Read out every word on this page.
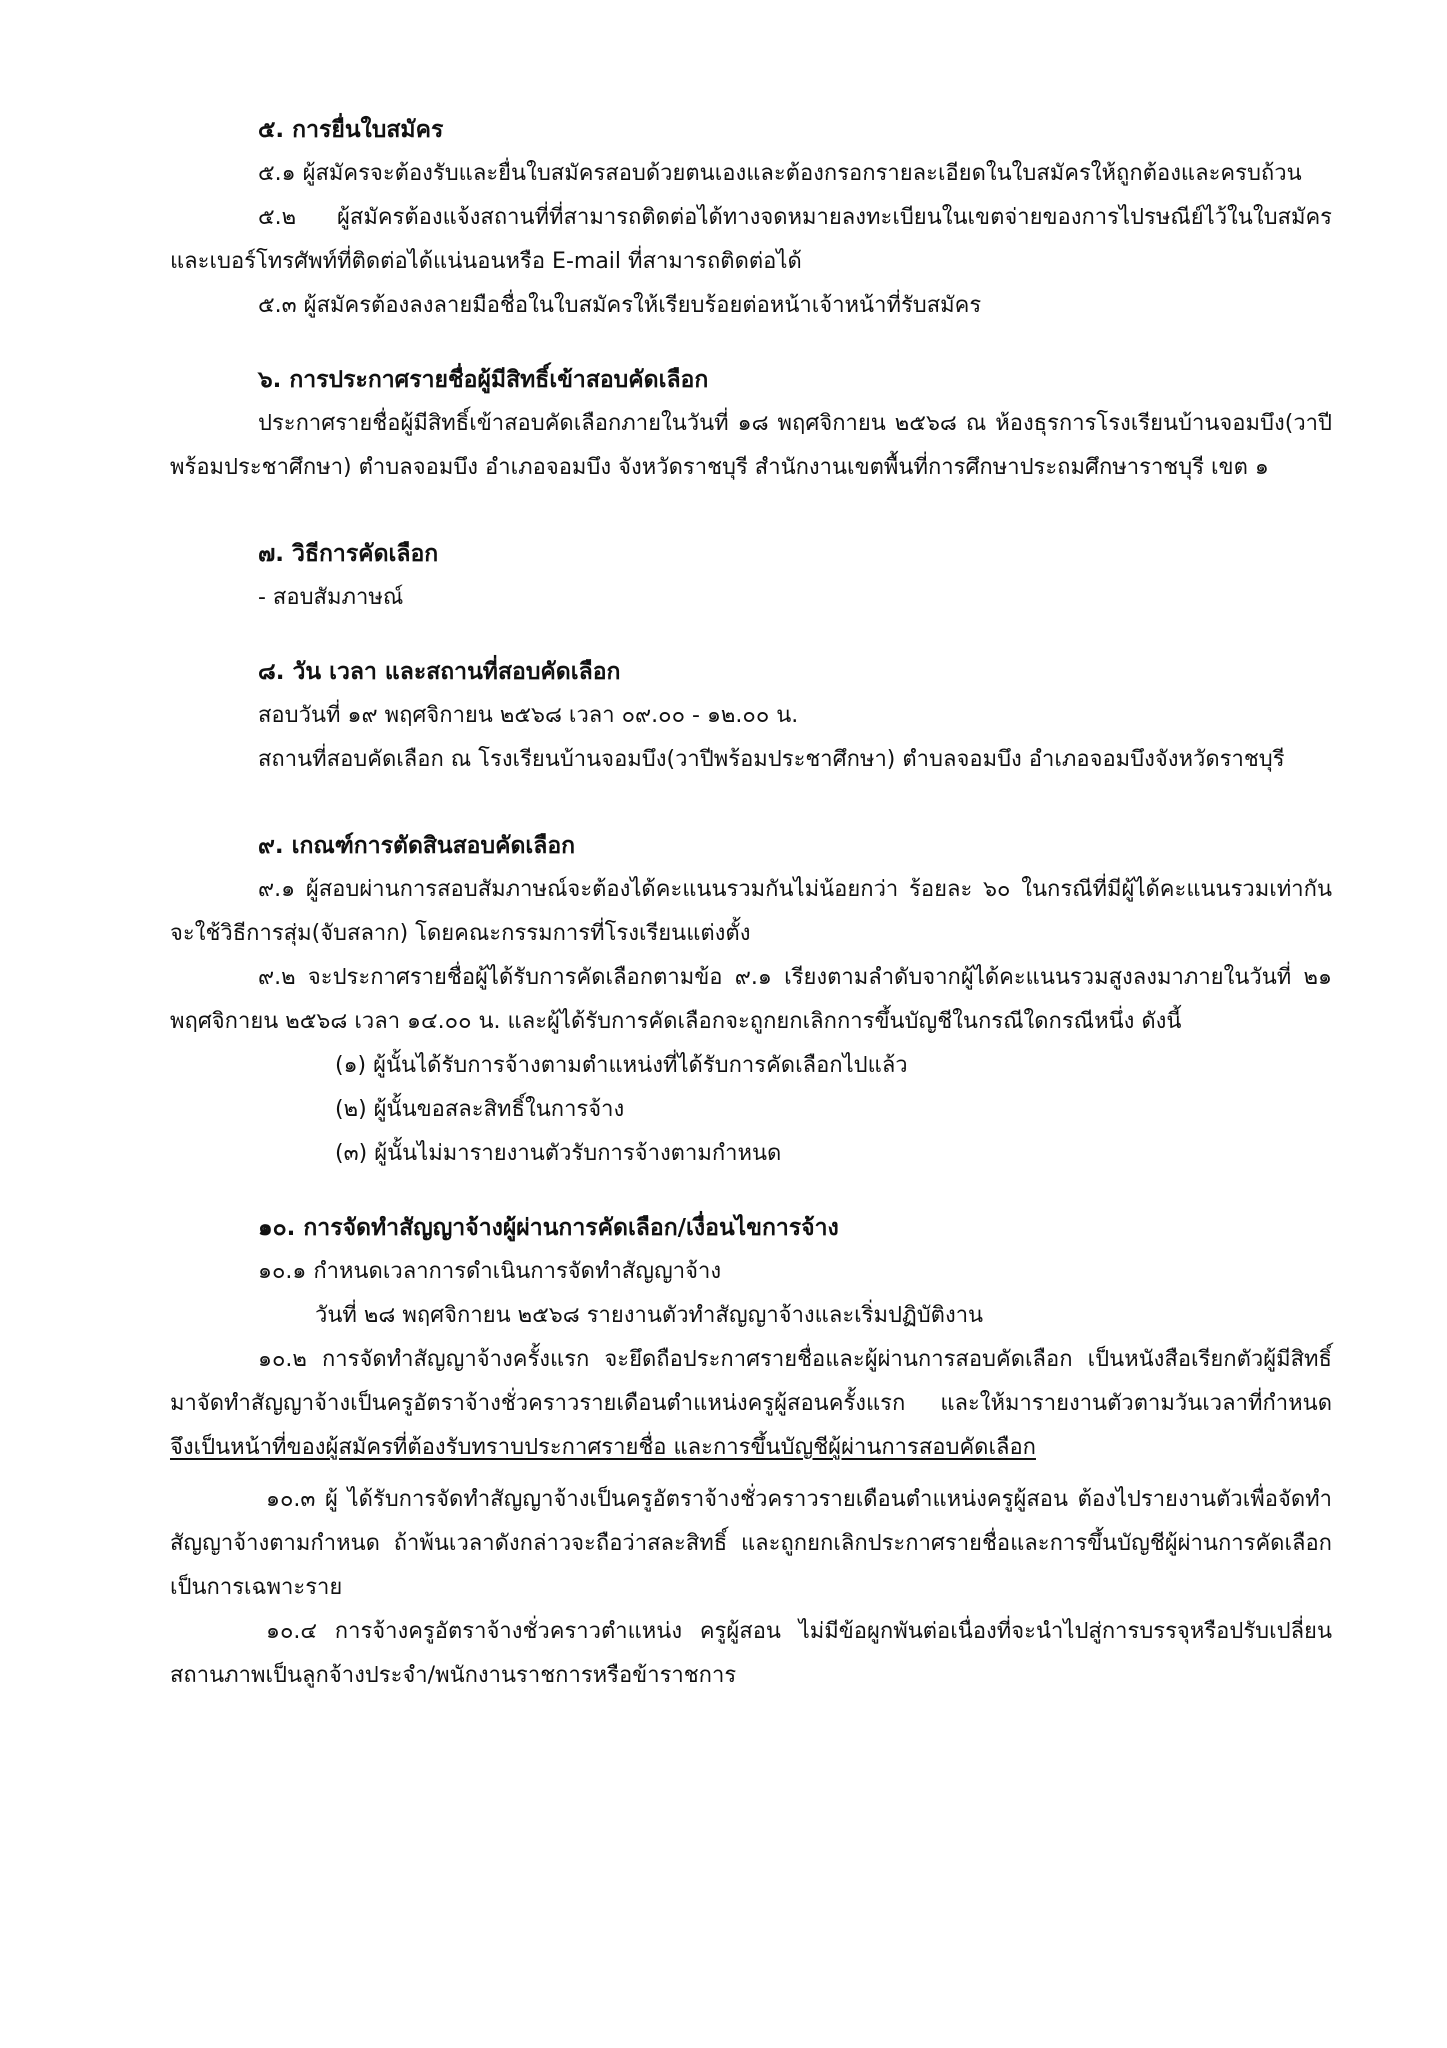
๕. การยื่นใบสมัคร

๕.๑ ผู้สมัครจะต้องรับและยื่นใบสมัครสอบด้วยตนเองและต้องกรอกรายละเอียดในใบสมัครให้ถูกต้องและครบถ้วน

๕.๒ ผู้สมัครต้องแจ้งสถานที่ที่สามารถติดต่อได้ทางจดหมายลงทะเบียนในเขตจ่ายของการไปรษณีย์ไว้ในใบสมัคร และเบอร์โทรศัพท์ที่ติดต่อได้แน่นอนหรือ E-mail ที่สามารถติดต่อได้

๕.๓ ผู้สมัครต้องลงลายมือชื่อในใบสมัครให้เรียบร้อยต่อหน้าเจ้าหน้าที่รับสมัคร

๖. การประกาศรายชื่อผู้มีสิทธิ์เข้าสอบคัดเลือก

ประกาศรายชื่อผู้มีสิทธิ์เข้าสอบคัดเลือกภายในวันที่ ๑๘ พฤศจิกายน ๒๕๖๘ ณ ห้องธุรการโรงเรียนบ้านจอมบึง(วาปีพร้อมประชาศึกษา) ตำบลจอมบึง อำเภอจอมบึง จังหวัดราชบุรี สำนักงานเขตพื้นที่การศึกษาประถมศึกษาราชบุรี เขต ๑

๗. วิธีการคัดเลือก

- สอบสัมภาษณ์

๘. วัน เวลา และสถานที่สอบคัดเลือก

สอบวันที่ ๑๙ พฤศจิกายน ๒๕๖๘ เวลา ๐๙.๐๐ - ๑๒.๐๐ น.

สถานที่สอบคัดเลือก ณ โรงเรียนบ้านจอมบึง(วาปีพร้อมประชาศึกษา) ตำบลจอมบึง อำเภอจอมบึงจังหวัดราชบุรี

๙. เกณฑ์การตัดสินสอบคัดเลือก

๙.๑ ผู้สอบผ่านการสอบสัมภาษณ์จะต้องได้คะแนนรวมกันไม่น้อยกว่า ร้อยละ ๖๐ ในกรณีที่มีผู้ได้คะแนนรวมเท่ากันจะใช้วิธีการสุ่ม(จับสลาก) โดยคณะกรรมการที่โรงเรียนแต่งตั้ง

๙.๒ จะประกาศรายชื่อผู้ได้รับการคัดเลือกตามข้อ ๙.๑ เรียงตามลำดับจากผู้ได้คะแนนรวมสูงลงมาภายในวันที่ ๒๑ พฤศจิกายน ๒๕๖๘ เวลา ๑๔.๐๐ น. และผู้ได้รับการคัดเลือกจะถูกยกเลิกการขึ้นบัญชีในกรณีใดกรณีหนึ่ง ดังนี้

(๑) ผู้นั้นได้รับการจ้างตามตำแหน่งที่ได้รับการคัดเลือกไปแล้ว
(๒) ผู้นั้นขอสละสิทธิ์ในการจ้าง
(๓) ผู้นั้นไม่มารายงานตัวรับการจ้างตามกำหนด
๑๐. การจัดทำสัญญาจ้างผู้ผ่านการคัดเลือก/เงื่อนไขการจ้าง

๑๐.๑ กำหนดเวลาการดำเนินการจัดทำสัญญาจ้าง

วันที่ ๒๘ พฤศจิกายน ๒๕๖๘ รายงานตัวทำสัญญาจ้างและเริ่มปฏิบัติงาน

๑๐.๒ การจัดทำสัญญาจ้างครั้งแรก จะยึดถือประกาศรายชื่อและผู้ผ่านการสอบคัดเลือก เป็นหนังสือเรียกตัวผู้มีสิทธิ์มาจัดทำสัญญาจ้างเป็นครูอัตราจ้างชั่วคราวรายเดือนตำแหน่งครูผู้สอนครั้งแรก และให้มารายงานตัวตามวันเวลาที่กำหนด จึงเป็นหน้าที่ของผู้สมัครที่ต้องรับทราบประกาศรายชื่อ และการขึ้นบัญชีผู้ผ่านการสอบคัดเลือก

๑๐.๓ ผู้ ได้รับการจัดทำสัญญาจ้างเป็นครูอัตราจ้างชั่วคราวรายเดือนตำแหน่งครูผู้สอน ต้องไปรายงานตัวเพื่อจัดทำสัญญาจ้างตามกำหนด ถ้าพ้นเวลาดังกล่าวจะถือว่าสละสิทธิ์ และถูกยกเลิกประกาศรายชื่อและการขึ้นบัญชีผู้ผ่านการคัดเลือกเป็นการเฉพาะราย

๑๐.๔ การจ้างครูอัตราจ้างชั่วคราวตำแหน่ง ครูผู้สอน ไม่มีข้อผูกพันต่อเนื่องที่จะนำไปสู่การบรรจุหรือปรับเปลี่ยนสถานภาพเป็นลูกจ้างประจำ/พนักงานราชการหรือข้าราชการ
